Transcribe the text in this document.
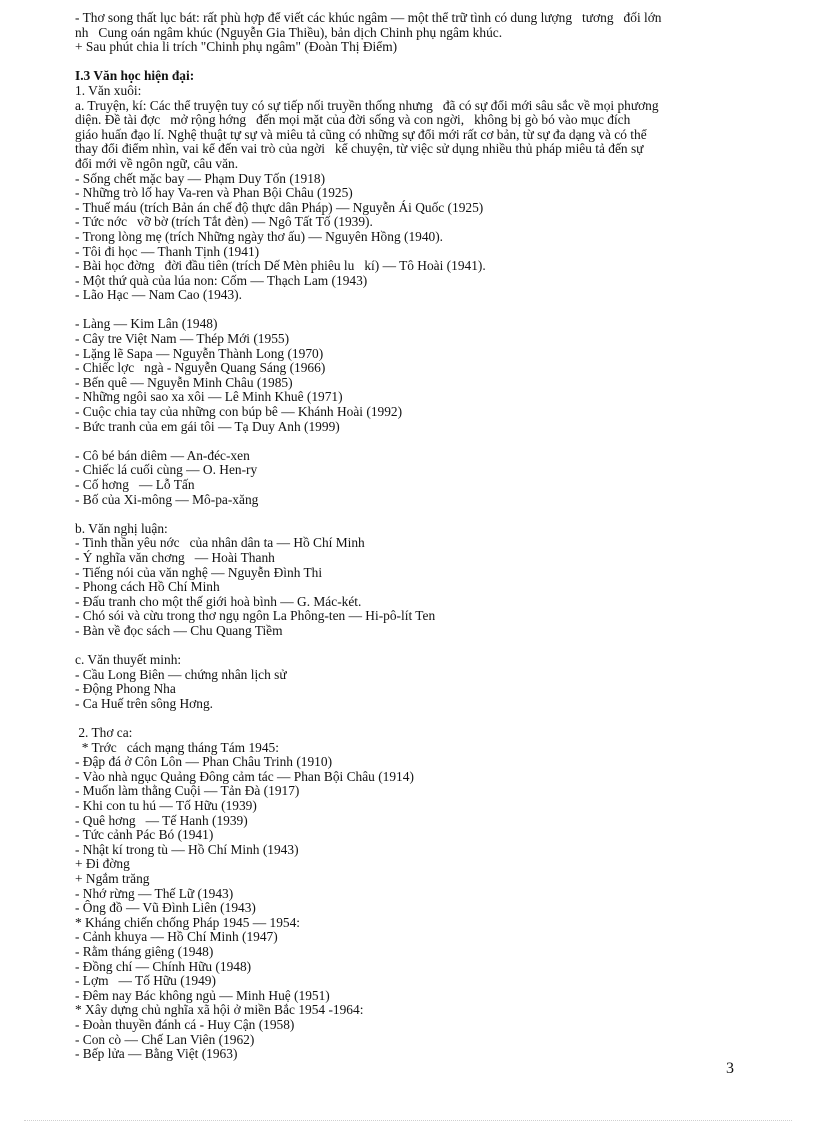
- Thơ song thất lục bát: rất phù hợp để viết các khúc ngâm — một thể trữ tình có dung lượng   tương   đối lớn
nh   Cung oán ngâm khúc (Nguyễn Gia Thiều), bản dịch Chinh phụ ngâm khúc.
+ Sau phút chia li trích "Chinh phụ ngâm" (Đoàn Thị Điểm)
I.3 Văn học hiện đại:
1. Văn xuôi:
a. Truyện, kí: Các thể truyện tuy có sự tiếp nối truyền thống nhưng   đã có sự đổi mới sâu sắc về mọi phương
diện. Đề tài đợc   mở rộng hớng   đến mọi mặt của đời sống và con ngời,   không bị gò bó vào mục đích
giáo huấn đạo lí. Nghệ thuật tự sự và miêu tả cũng có những sự đổi mới rất cơ bản, từ sự đa dạng và có thể
thay đổi điểm nhìn, vai kể đến vai trò của ngời   kể chuyện, từ việc sử dụng nhiều thủ pháp miêu tả đến sự
đổi mới về ngôn ngữ, câu văn.
- Sống chết mặc bay — Phạm Duy Tốn (1918)
- Những trò lố hay Va-ren và Phan Bội Châu (1925)
- Thuế máu (trích Bản án chế độ thực dân Pháp) — Nguyễn Ái Quốc (1925)
- Tức nớc   vỡ bờ (trích Tắt đèn) — Ngô Tất Tố (1939).
- Trong lòng mẹ (trích Những ngày thơ ấu) — Nguyên Hồng (1940).
- Tôi đi học — Thanh Tịnh (1941)
- Bài học đờng   đời đầu tiên (trích Dế Mèn phiêu lu   kí) — Tô Hoài (1941).
- Một thứ quà của lúa non: Cốm — Thạch Lam (1943)
- Lão Hạc — Nam Cao (1943).
- Làng — Kim Lân (1948)
- Cây tre Việt Nam — Thép Mới (1955)
- Lặng lẽ Sapa — Nguyễn Thành Long (1970)
- Chiếc lợc   ngà - Nguyễn Quang Sáng (1966)
- Bến quê — Nguyễn Minh Châu (1985)
- Những ngôi sao xa xôi — Lê Minh Khuê (1971)
- Cuộc chia tay của những con búp bê — Khánh Hoài (1992)
- Bức tranh của em gái tôi — Tạ Duy Anh (1999)
- Cô bé bán diêm — An-đéc-xen
- Chiếc lá cuối cùng — O. Hen-ry
- Cố hơng   — Lỗ Tấn
- Bố của Xi-mông — Mô-pa-xăng
b. Văn nghị luận:
- Tinh thần yêu nớc   của nhân dân ta — Hồ Chí Minh
- Ý nghĩa văn chơng   — Hoài Thanh
- Tiếng nói của văn nghệ — Nguyễn Đình Thi
- Phong cách Hồ Chí Minh
- Đấu tranh cho một thế giới hoà bình — G. Mác-két.
- Chó sói và cừu trong thơ ngụ ngôn La Phông-ten — Hi-pô-lít Ten
- Bàn về đọc sách — Chu Quang Tiềm
c. Văn thuyết minh:
- Cầu Long Biên — chứng nhân lịch sử
- Động Phong Nha
- Ca Huế trên sông Hơng.
2. Thơ ca:
* Trớc   cách mạng tháng Tám 1945:
- Đập đá ở Côn Lôn — Phan Châu Trinh (1910)
- Vào nhà ngục Quảng Đông cảm tác — Phan Bội Châu (1914)
- Muốn làm thằng Cuội — Tản Đà (1917)
- Khi con tu hú — Tố Hữu (1939)
- Quê hơng   — Tế Hanh (1939)
- Tức cảnh Pác Bó (1941)
- Nhật kí trong tù — Hồ Chí Minh (1943)
+ Đi đờng
+ Ngắm trăng
- Nhớ rừng — Thế Lữ (1943)
- Ông đồ — Vũ Đình Liên (1943)
* Kháng chiến chống Pháp 1945 — 1954:
- Cảnh khuya — Hồ Chí Minh (1947)
- Rằm tháng giêng (1948)
- Đồng chí — Chính Hữu (1948)
- Lợm   — Tố Hữu (1949)
- Đêm nay Bác không ngủ — Minh Huệ (1951)
* Xây dựng chủ nghĩa xã hội ở miền Bắc 1954 -1964:
- Đoàn thuyền đánh cá - Huy Cận (1958)
- Con cò — Chế Lan Viên (1962)
- Bếp lửa — Bằng Việt (1963)
3
